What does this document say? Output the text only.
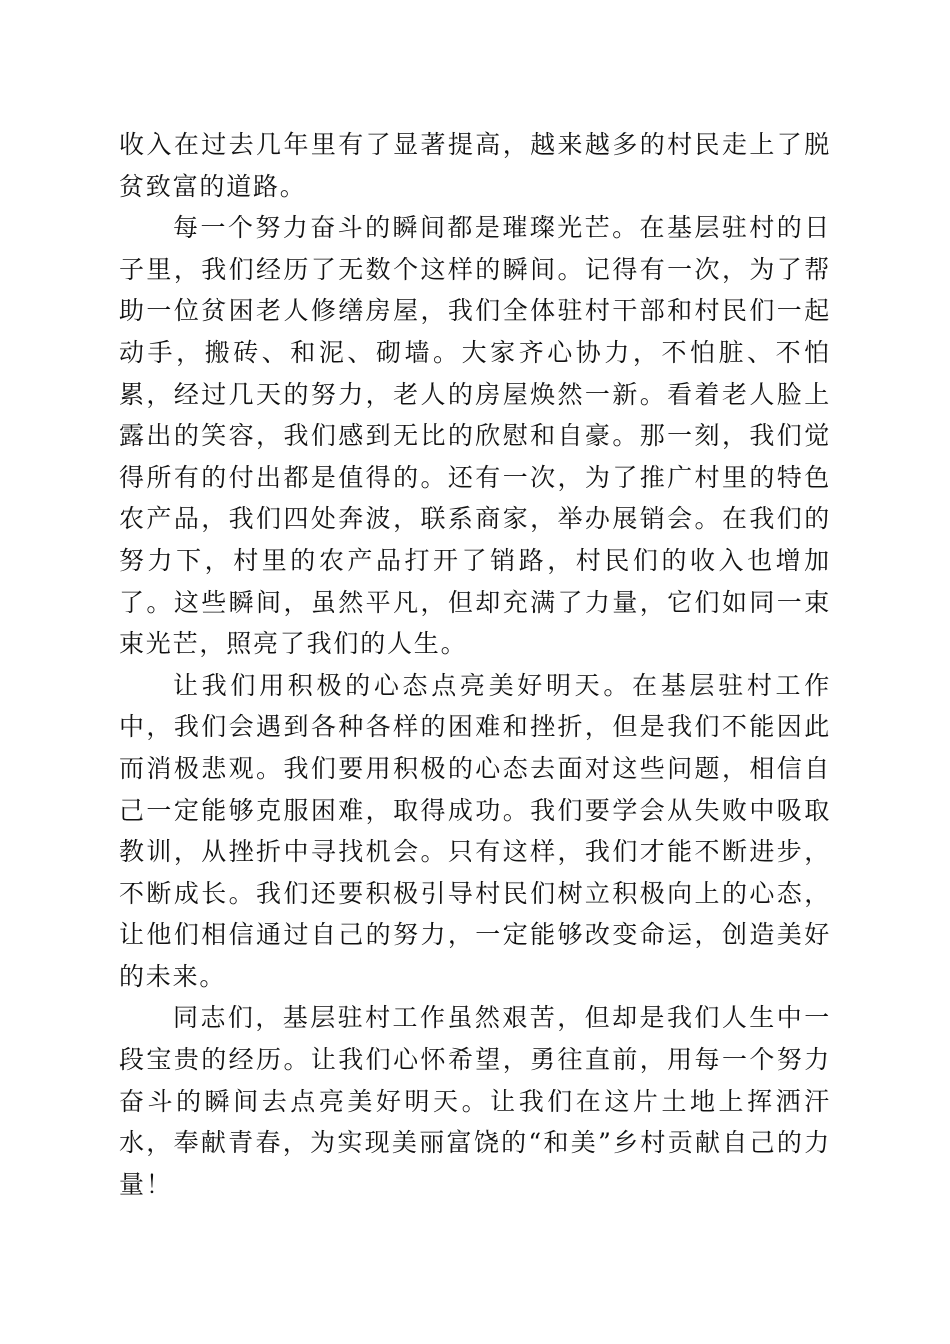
收入在过去几年里有了显著提高，越来越多的村民走上了脱贫致富的道路。

每一个努力奋斗的瞬间都是璀璨光芒。在基层驻村的日子里，我们经历了无数个这样的瞬间。记得有一次，为了帮助一位贫困老人修缮房屋，我们全体驻村干部和村民们一起动手，搬砖、和泥、砌墙。大家齐心协力，不怕脏、不怕累，经过几天的努力，老人的房屋焕然一新。看着老人脸上露出的笑容，我们感到无比的欣慰和自豪。那一刻，我们觉得所有的付出都是值得的。还有一次，为了推广村里的特色农产品，我们四处奔波，联系商家，举办展销会。在我们的努力下，村里的农产品打开了销路，村民们的收入也增加了。这些瞬间，虽然平凡，但却充满了力量，它们如同一束束光芒，照亮了我们的人生。

让我们用积极的心态点亮美好明天。在基层驻村工作中，我们会遇到各种各样的困难和挫折，但是我们不能因此而消极悲观。我们要用积极的心态去面对这些问题，相信自己一定能够克服困难，取得成功。我们要学会从失败中吸取教训，从挫折中寻找机会。只有这样，我们才能不断进步，不断成长。我们还要积极引导村民们树立积极向上的心态，让他们相信通过自己的努力，一定能够改变命运，创造美好的未来。

同志们，基层驻村工作虽然艰苦，但却是我们人生中一段宝贵的经历。让我们心怀希望，勇往直前，用每一个努力奋斗的瞬间去点亮美好明天。让我们在这片土地上挥洒汗水，奉献青春，为实现美丽富饶的“和美”乡村贡献自己的力量！
